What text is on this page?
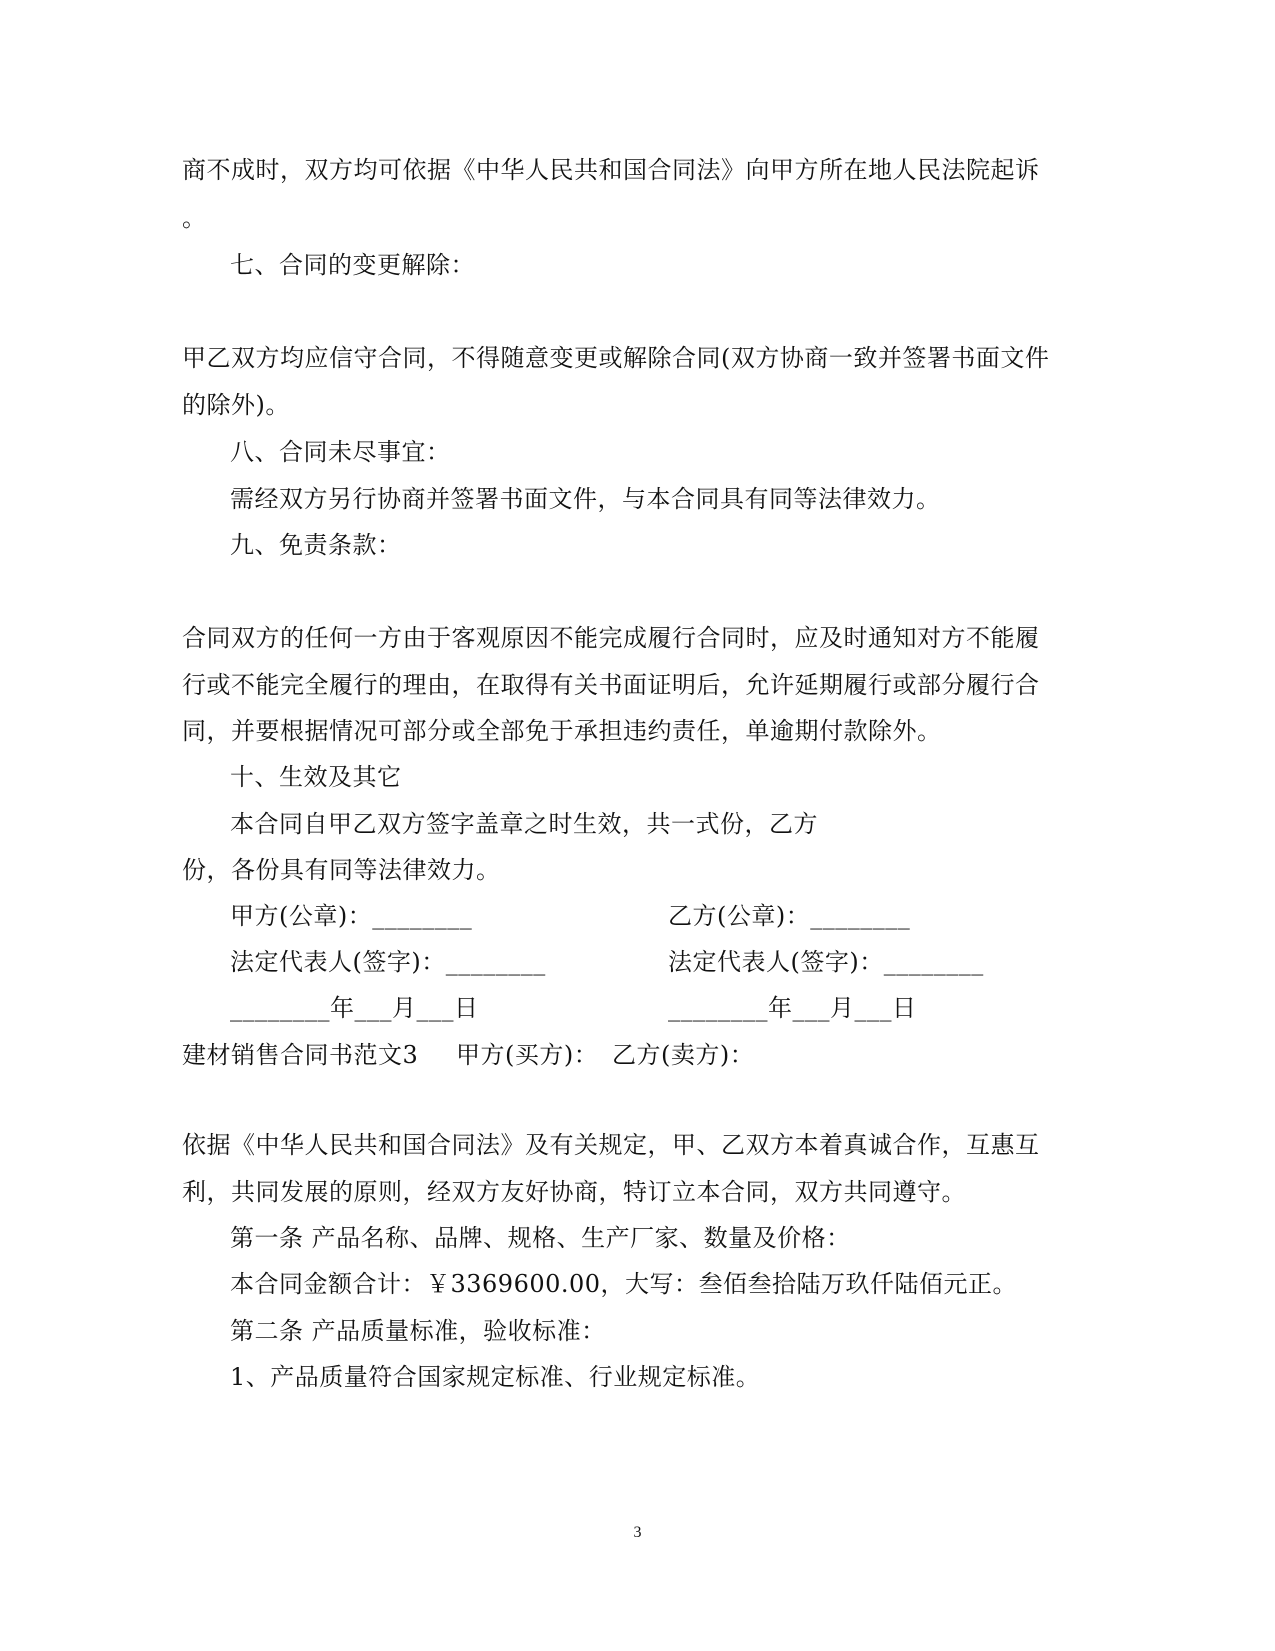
商不成时，双方均可依据《中华人民共和国合同法》向甲方所在地人民法院起诉
。
七、合同的变更解除：
甲乙双方均应信守合同，不得随意变更或解除合同(双方协商一致并签署书面文件
的除外)。
八、合同未尽事宜：
需经双方另行协商并签署书面文件，与本合同具有同等法律效力。
九、免责条款：
合同双方的任何一方由于客观原因不能完成履行合同时，应及时通知对方不能履
行或不能完全履行的理由，在取得有关书面证明后，允许延期履行或部分履行合
同，并要根据情况可部分或全部免于承担违约责任，单逾期付款除外。
十、生效及其它
本合同自甲乙双方签字盖章之时生效，共一式份，乙方
份，各份具有同等法律效力。
甲方(公章)：________	乙方(公章)：________
法定代表人(签字)：________	法定代表人(签字)：________
________年___月___日	________年___月___日
建材销售合同书范文3 甲方(买方)： 乙方(卖方)：
依据《中华人民共和国合同法》及有关规定，甲、乙双方本着真诚合作，互惠互
利，共同发展的原则，经双方友好协商，特订立本合同，双方共同遵守。
第一条 产品名称、品牌、规格、生产厂家、数量及价格：
本合同金额合计：￥3369600.00，大写：叁佰叁拾陆万玖仟陆佰元正。
第二条 产品质量标准，验收标准：
1、产品质量符合国家规定标准、行业规定标准。
3
